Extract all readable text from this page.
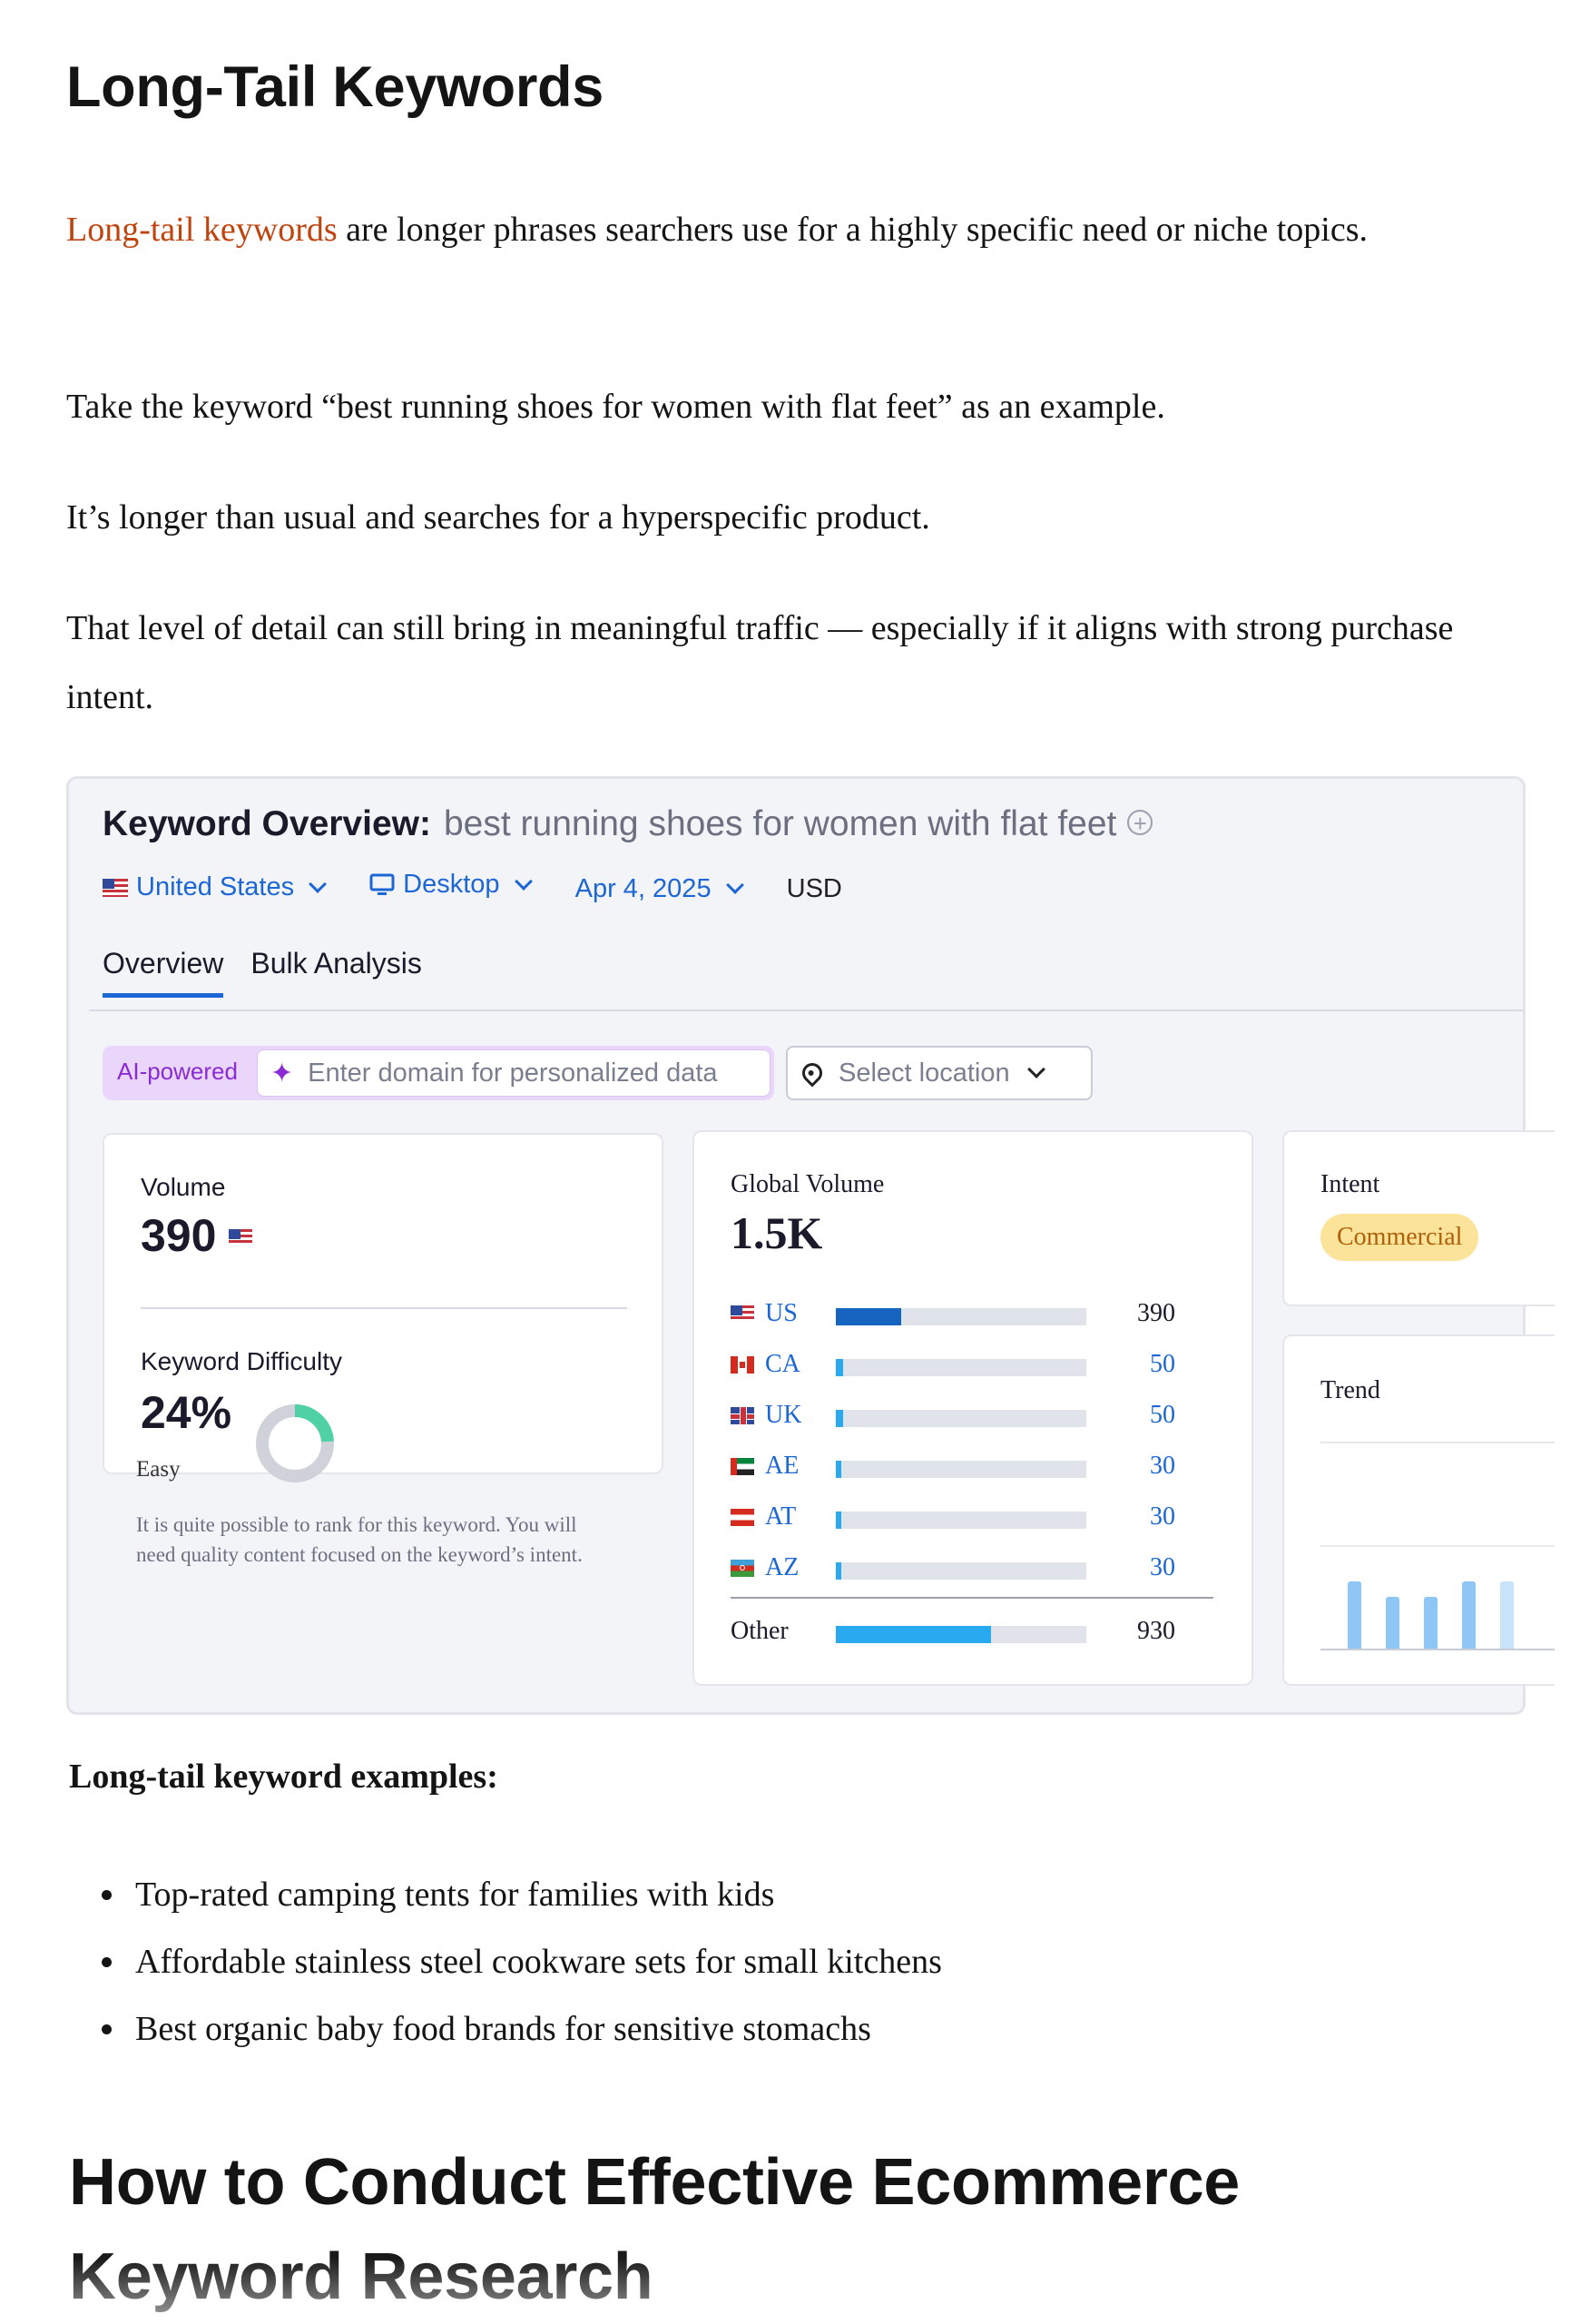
Long-Tail Keywords

Long-tail keywords are longer phrases searchers use for a highly specific need or niche topics.

Take the keyword “best running shoes for women with flat feet” as an example.

It’s longer than usual and searches for a hyperspecific product.

That level of detail can still bring in meaningful traffic — especially if it aligns with strong purchase intent.

Keyword Overview: best running shoes for women with flat feet +
United States
	Desktop
	Apr 4, 2025	USD
Overview Bulk Analysis
AI-powered ✦ Enter domain for personalized data	Select location
Volume
390
Keyword Difficulty
24%
Easy
It is quite possible to rank for this keyword. You will need quality content focused on the keyword’s intent.
Global Volume
1.5K
US	390
CA	50
UK	50
AE	30
AT	30
AZ	30
Other	930
Intent
Commercial
Trend
Long-tail keyword examples:
• Top-rated camping tents for families with kids
• Affordable stainless steel cookware sets for small kitchens
• Best organic baby food brands for sensitive stomachs
How to Conduct Effective Ecommerce
Keyword Research
